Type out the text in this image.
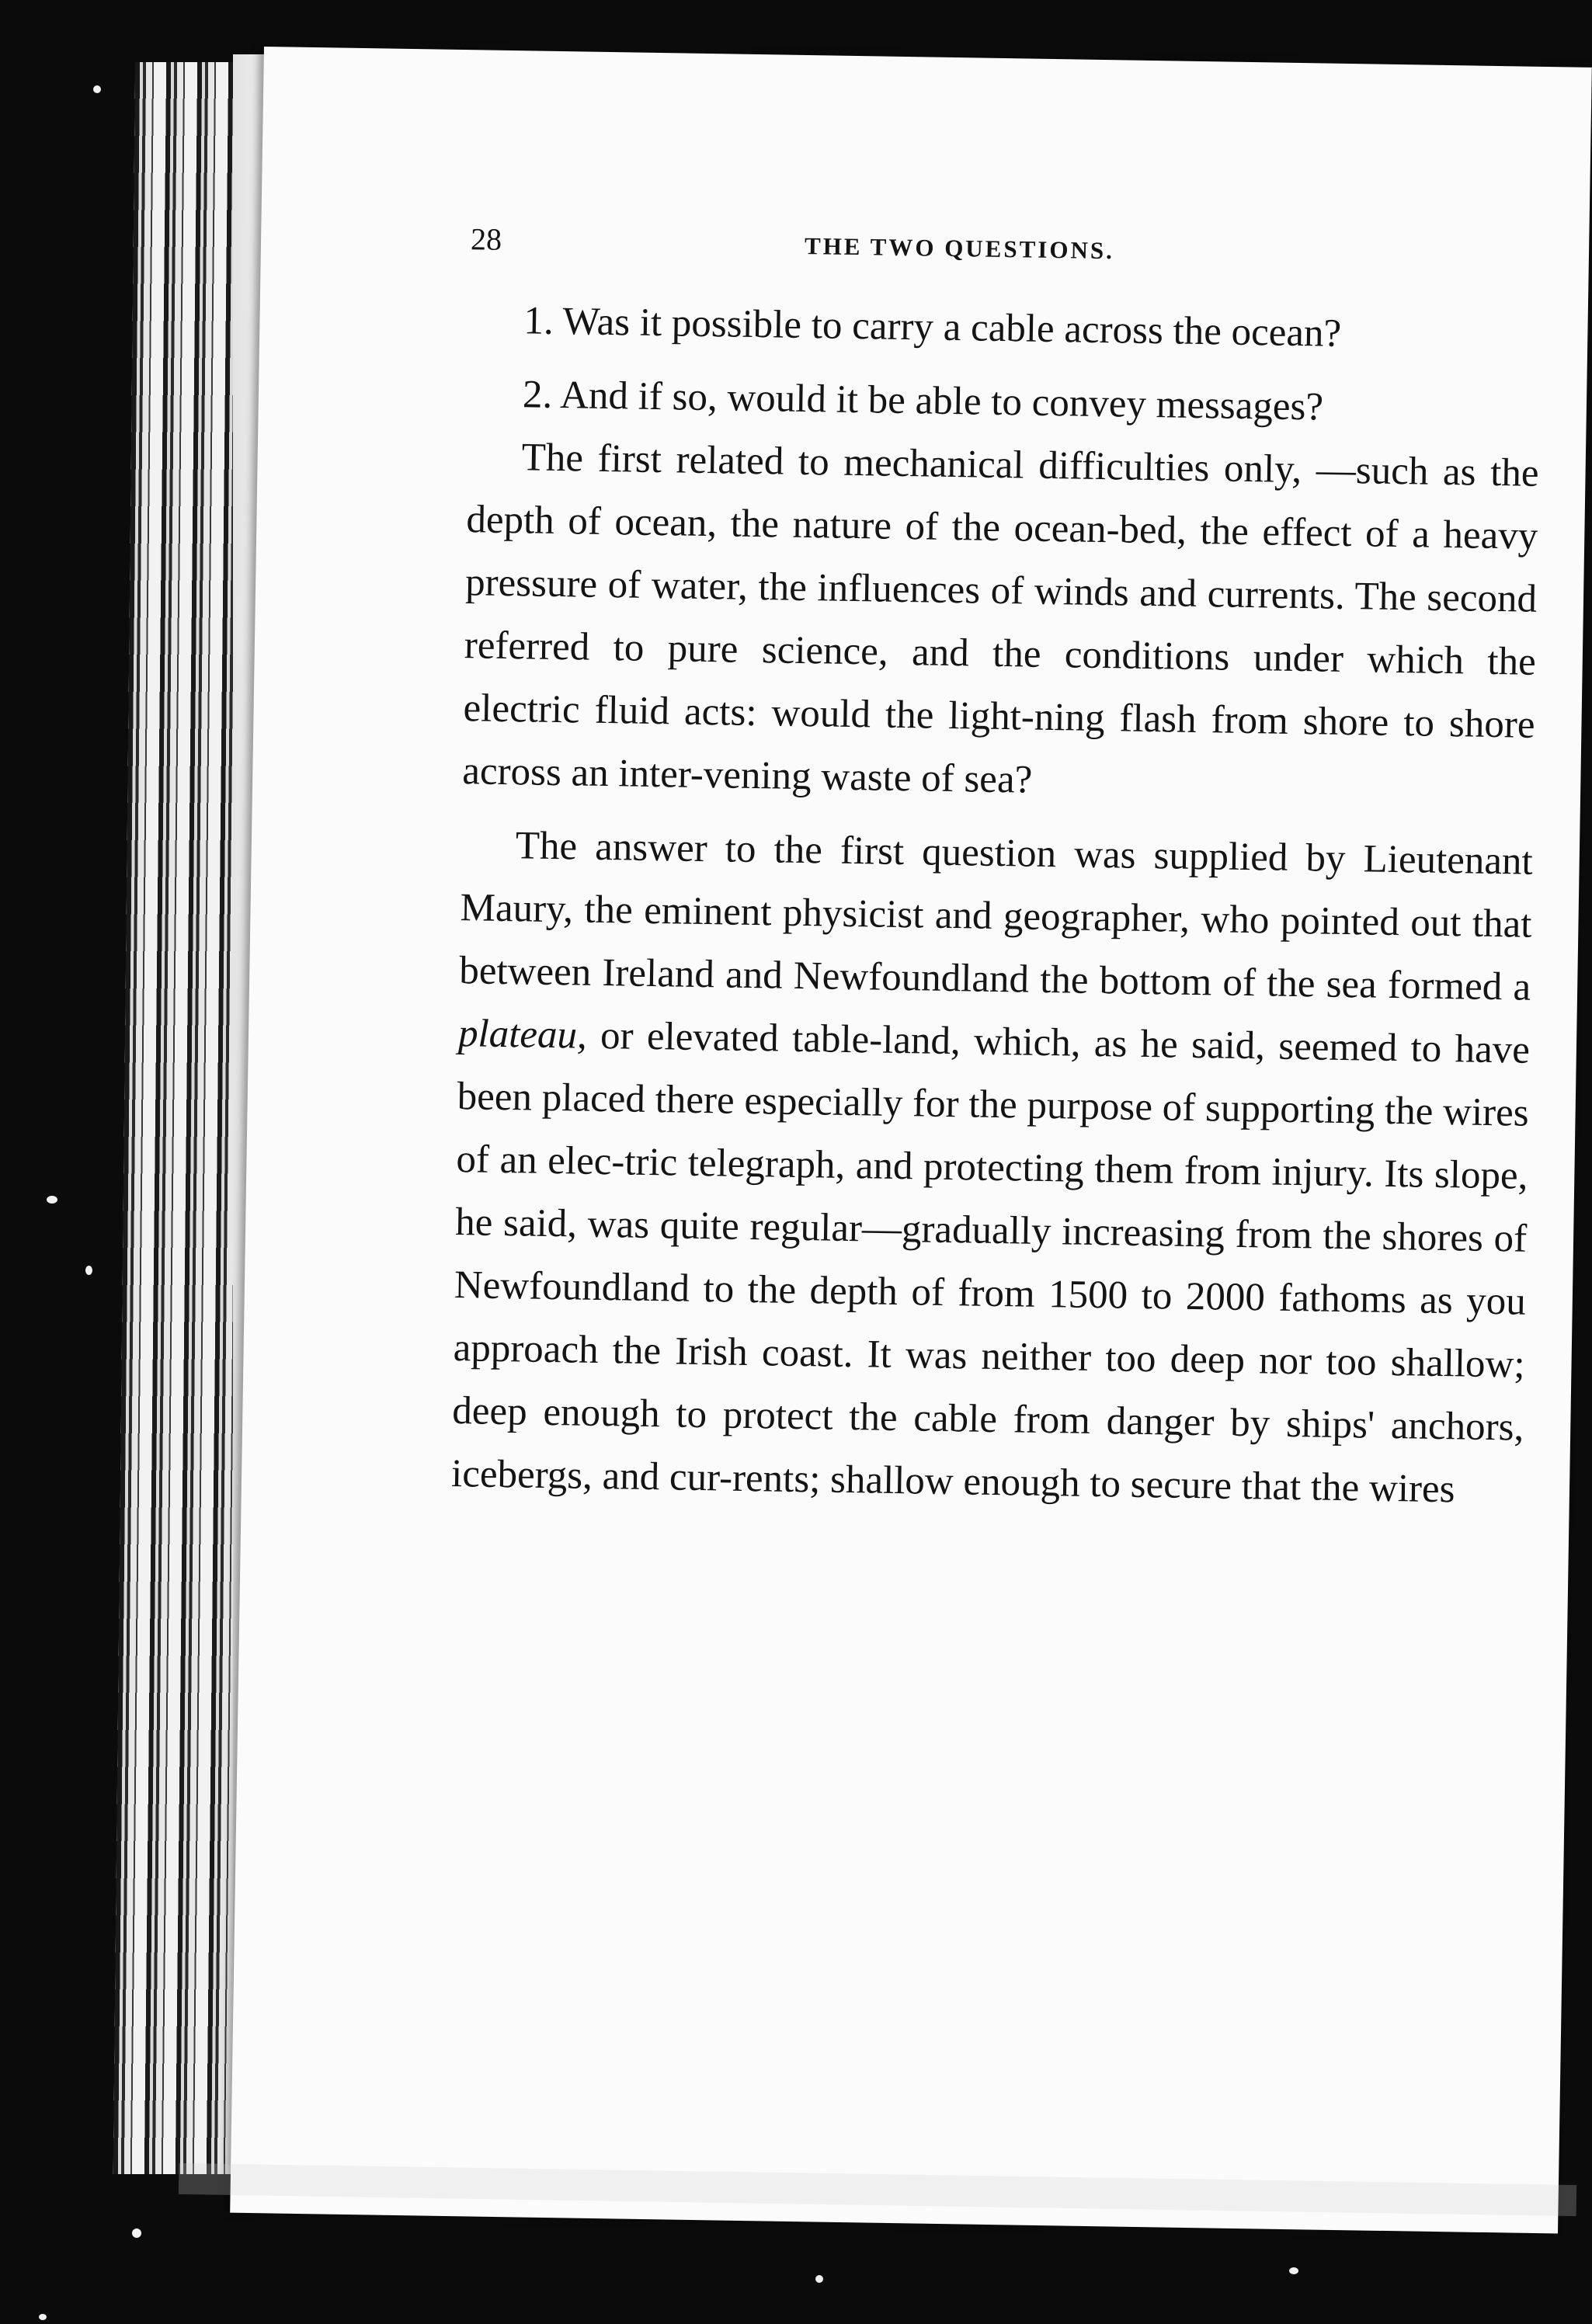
28	THE TWO QUESTIONS.

1. Was it possible to carry a cable across the ocean?

2. And if so, would it be able to convey messages?

The first related to mechanical difficulties only, —such as the depth of ocean, the nature of the ocean-bed, the effect of a heavy pressure of water, the influences of winds and currents. The second referred to pure science, and the conditions under which the electric fluid acts: would the light-ning flash from shore to shore across an inter-vening waste of sea?

The answer to the first question was supplied by Lieutenant Maury, the eminent physicist and geographer, who pointed out that between Ireland and Newfoundland the bottom of the sea formed a plateau, or elevated table-land, which, as he said, seemed to have been placed there especially for the purpose of supporting the wires of an elec-tric telegraph, and protecting them from injury. Its slope, he said, was quite regular—gradually increasing from the shores of Newfoundland to the depth of from 1500 to 2000 fathoms as you approach the Irish coast. It was neither too deep nor too shallow; deep enough to protect the cable from danger by ships' anchors, icebergs, and cur-rents; shallow enough to secure that the wires
